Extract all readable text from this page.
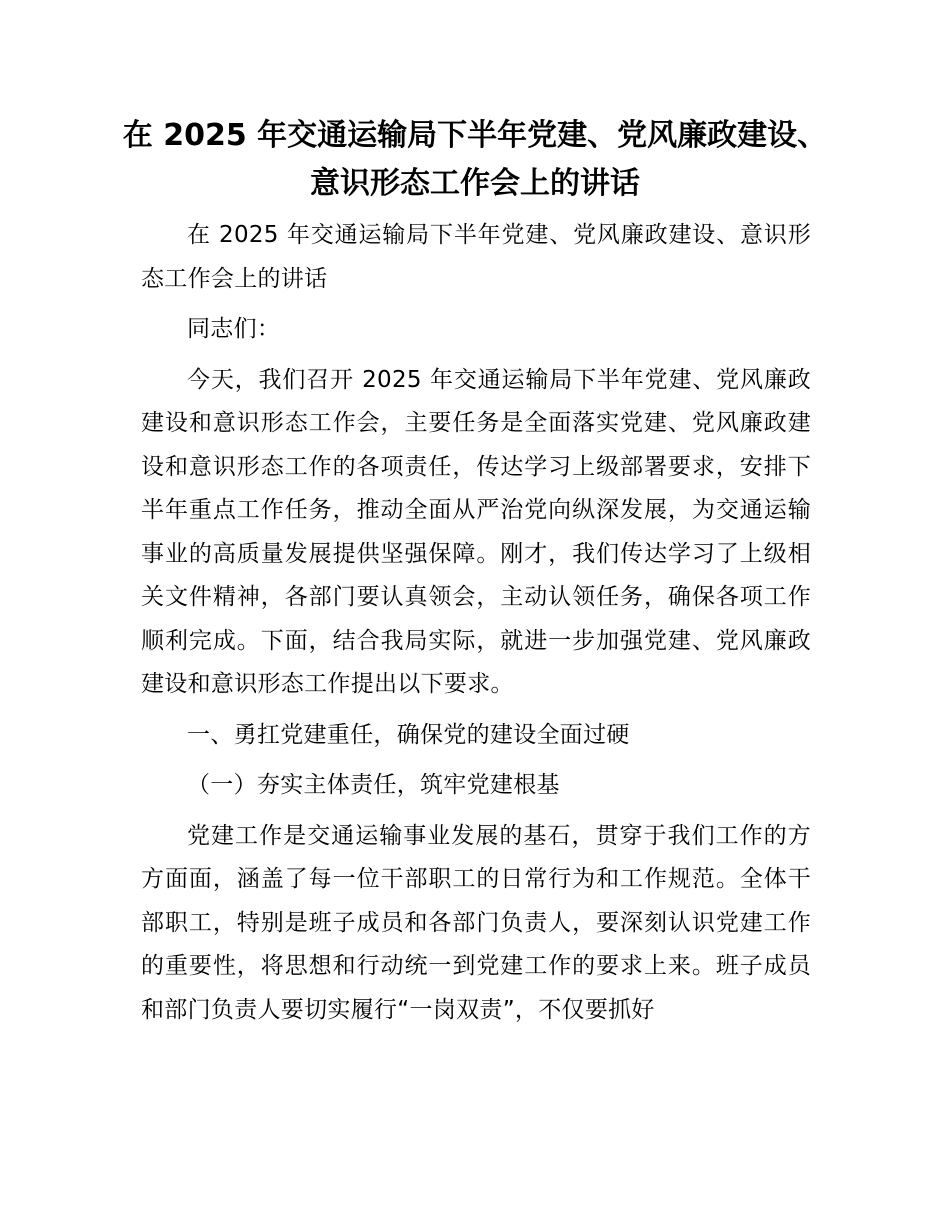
在 2025 年交通运输局下半年党建、党风廉政建设、意识形态工作会上的讲话

在 2025 年交通运输局下半年党建、党风廉政建设、意识形态工作会上的讲话

同志们：

今天，我们召开 2025 年交通运输局下半年党建、党风廉政建设和意识形态工作会，主要任务是全面落实党建、党风廉政建设和意识形态工作的各项责任，传达学习上级部署要求，安排下半年重点工作任务，推动全面从严治党向纵深发展，为交通运输事业的高质量发展提供坚强保障。刚才，我们传达学习了上级相关文件精神，各部门要认真领会，主动认领任务，确保各项工作顺利完成。下面，结合我局实际，就进一步加强党建、党风廉政建设和意识形态工作提出以下要求。

一、勇扛党建重任，确保党的建设全面过硬

（一）夯实主体责任，筑牢党建根基

党建工作是交通运输事业发展的基石，贯穿于我们工作的方方面面，涵盖了每一位干部职工的日常行为和工作规范。全体干部职工，特别是班子成员和各部门负责人，要深刻认识党建工作的重要性，将思想和行动统一到党建工作的要求上来。班子成员和部门负责人要切实履行“一岗双责”，不仅要抓好
